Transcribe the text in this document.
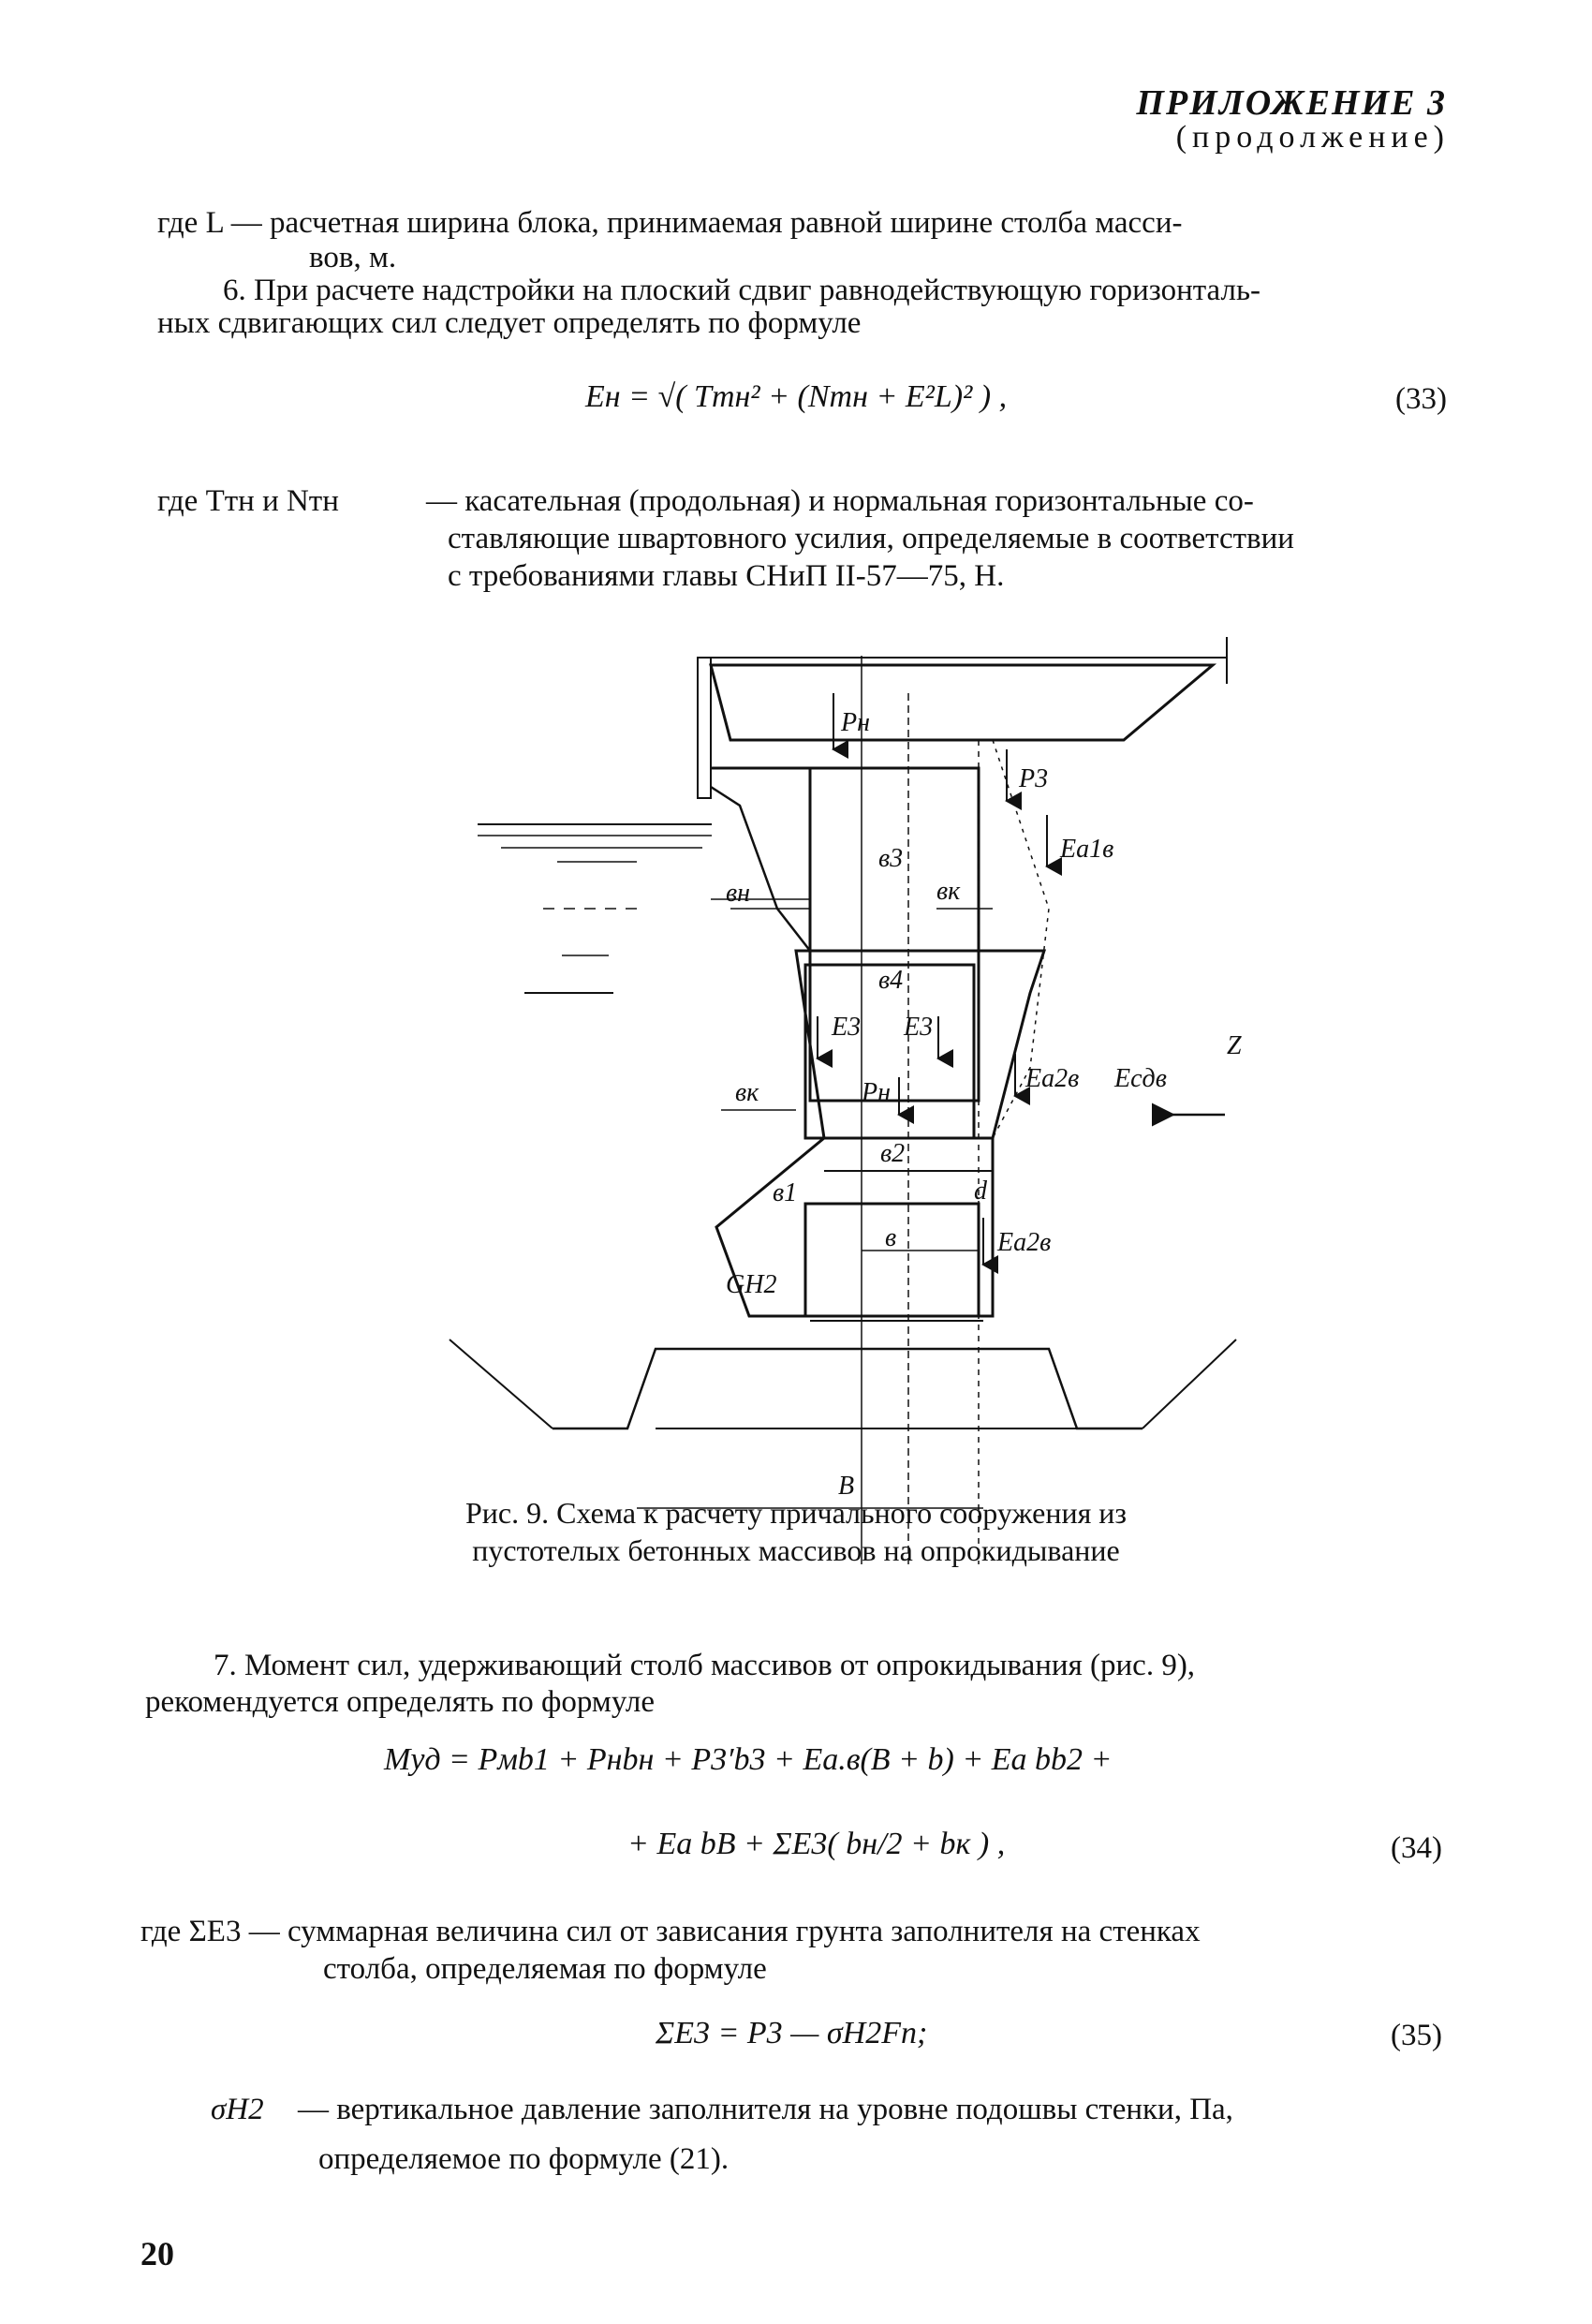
ПРИЛОЖЕНИЕ 3
(продолжение)
где L — расчетная ширина блока, принимаемая равной ширине столба масси-
вов, м.
6. При расчете надстройки на плоский сдвиг равнодействующую горизонталь-
ных сдвигающих сил следует определять по формуле
Eн = √( Tтн² + (Nтн + E²L)² ) ,	(33)
где Tтн и Nтн	— касательная (продольная) и нормальная горизонтальные со-
ставляющие швартовного усилия, определяемые в соответствии
с требованиями главы СНиП II-57—75, Н.
Pн
P3
Ea1в
в3
вн	вк
в4
E3 E3
вк	Pн	Ea2в Eсдв
Z
в2
в1	d
в	Ea2в
GН2
B
Рис. 9. Схема к расчету причального сооружения из
пустотелых бетонных массивов на опрокидывание
7. Момент сил, удерживающий столб массивов от опрокидывания (рис. 9),
рекомендуется определять по формуле
Mуд = Pмb1 + Pнbн + P3′b3 + Ea.в(B + b) + Ea bb2 +
+ Ea bB + ΣE3( bн/2 + bк ) ,	(34)
где ΣE3 — суммарная величина сил от зависания грунта заполнителя на стенках
столба, определяемая по формуле
ΣE3 = P3 — σH2Fп;	(35)
σH2 — вертикальное давление заполнителя на уровне подошвы стенки, Па,
определяемое по формуле (21).
20
